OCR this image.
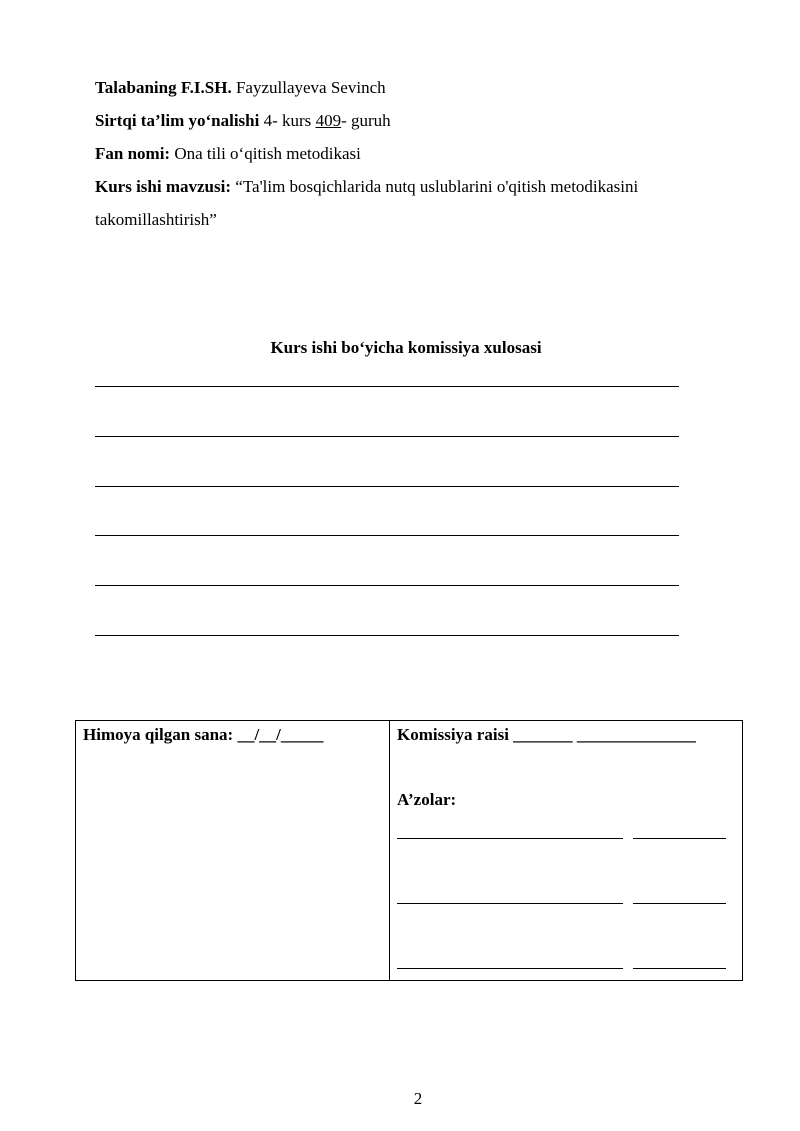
Talabaning F.I.SH. Fayzullayeva Sevinch
Sirtqi ta’lim yo‘nalishi 4- kurs 409- guruh
Fan nomi: Ona tili o‘qitish metodikasi
Kurs ishi mavzusi: “Ta'lim bosqichlarida nutq uslublarini o'qitish metodikasini
takomillashtirish”
Kurs ishi bo‘yicha komissiya xulosasi
Himoya qilgan sana: __/__/_____	Komissiya raisi _______ ______________
A’zolar:
2
